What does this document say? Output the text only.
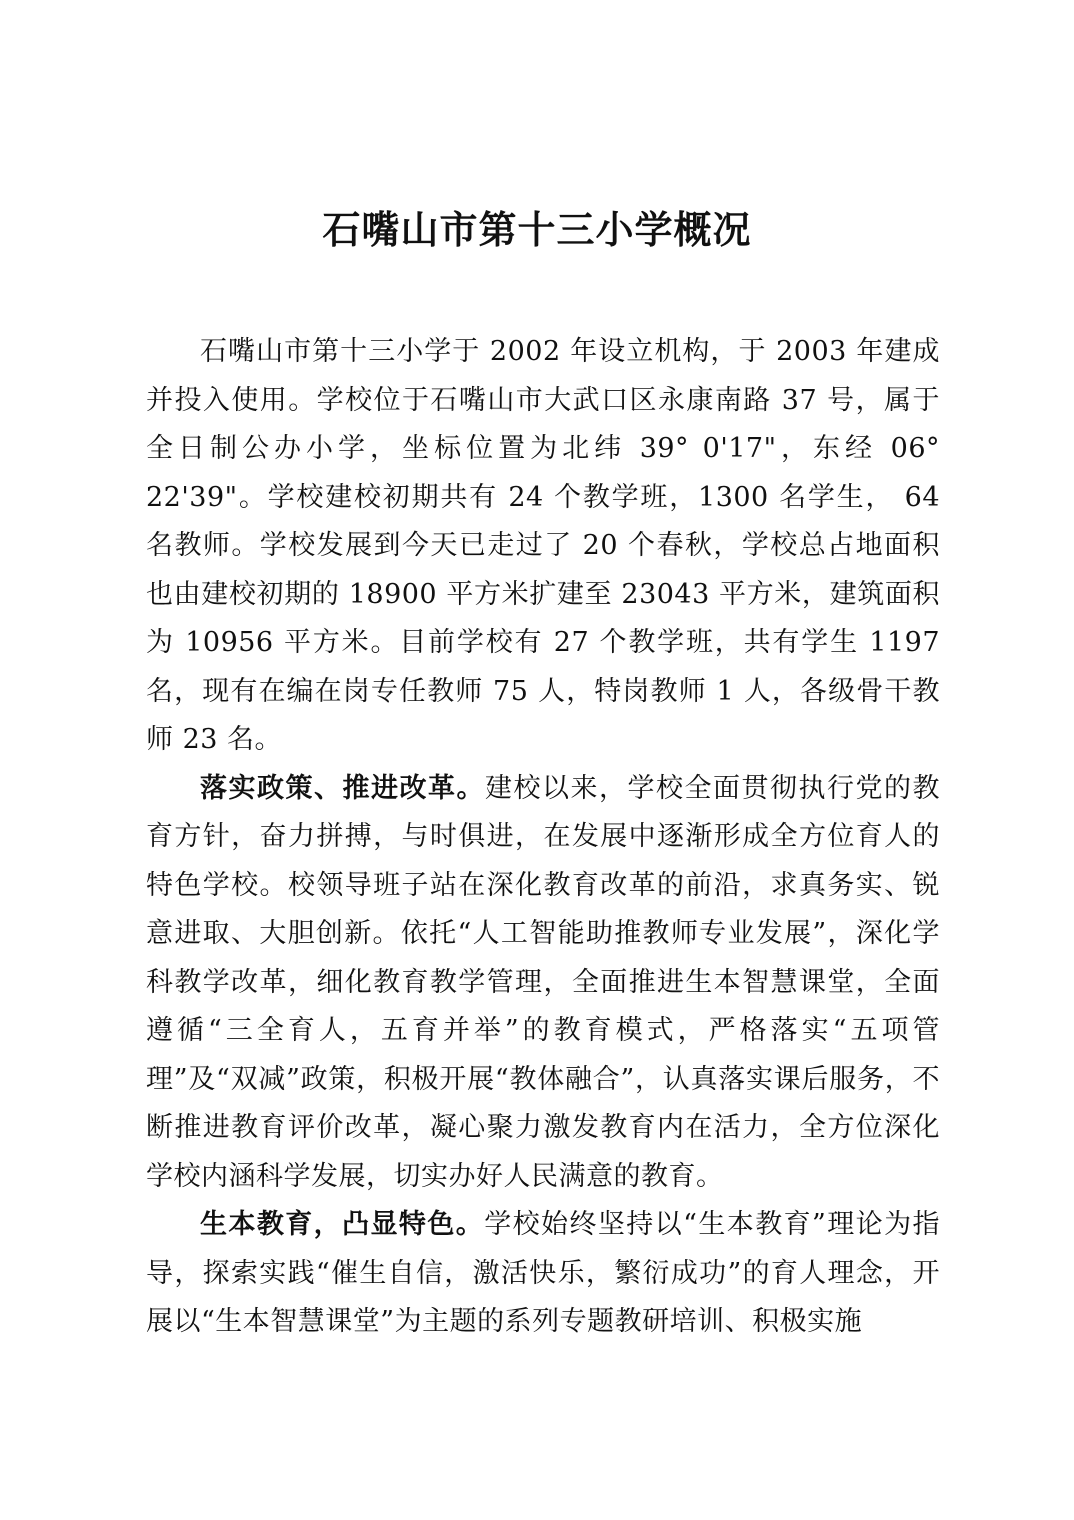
石嘴山市第十三小学概况

石嘴山市第十三小学于 2002 年设立机构，于 2003 年建成并投入使用。学校位于石嘴山市大武口区永康南路 37 号，属于全日制公办小学，坐标位置为北纬 39° 0'17"，东经 06° 22'39"。学校建校初期共有 24 个教学班，1300 名学生， 64 名教师。学校发展到今天已走过了 20 个春秋，学校总占地面积也由建校初期的 18900 平方米扩建至 23043 平方米，建筑面积为 10956 平方米。目前学校有 27 个教学班，共有学生 1197 名，现有在编在岗专任教师 75 人，特岗教师 1 人，各级骨干教师 23 名。

落实政策、推进改革。建校以来，学校全面贯彻执行党的教育方针，奋力拼搏，与时俱进，在发展中逐渐形成全方位育人的特色学校。校领导班子站在深化教育改革的前沿，求真务实、锐意进取、大胆创新。依托“人工智能助推教师专业发展”，深化学科教学改革，细化教育教学管理，全面推进生本智慧课堂，全面遵循“三全育人，五育并举”的教育模式，严格落实“五项管理”及“双减”政策，积极开展“教体融合”，认真落实课后服务，不断推进教育评价改革，凝心聚力激发教育内在活力，全方位深化学校内涵科学发展，切实办好人民满意的教育。

生本教育，凸显特色。学校始终坚持以“生本教育”理论为指导，探索实践“催生自信，激活快乐，繁衍成功”的育人理念，开展以“生本智慧课堂”为主题的系列专题教研培训、积极实施
